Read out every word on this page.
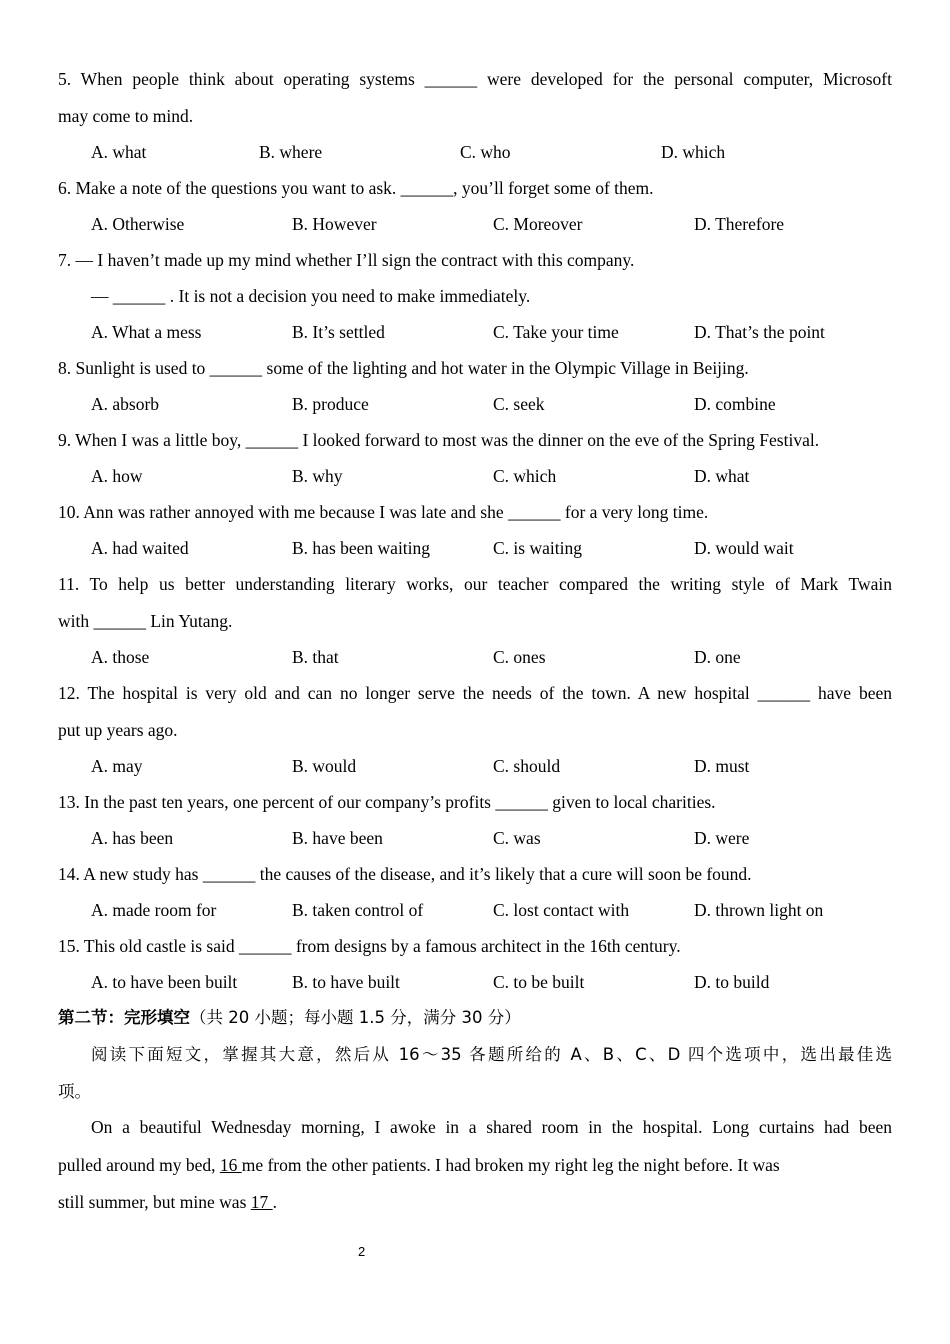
5. When people think about operating systems ______ were developed for the personal computer, Microsoft
may come to mind.
A. what	B. where	C. who	D. which
6. Make a note of the questions you want to ask. ______, you’ll forget some of them.
A. Otherwise	B. However	C. Moreover	D. Therefore
7. — I haven’t made up my mind whether I’ll sign the contract with this company.
— ______ . It is not a decision you need to make immediately.
A. What a mess	B. It’s settled	C. Take your time	D. That’s the point
8. Sunlight is used to ______ some of the lighting and hot water in the Olympic Village in Beijing.
A. absorb	B. produce	C. seek	D. combine
9. When I was a little boy, ______ I looked forward to most was the dinner on the eve of the Spring Festival.
A. how	B. why	C. which	D. what
10. Ann was rather annoyed with me because I was late and she ______ for a very long time.
A. had waited	B. has been waiting	C. is waiting	D. would wait
11. To help us better understanding literary works, our teacher compared the writing style of Mark Twain
with ______ Lin Yutang.
A. those	B. that	C. ones	D. one
12. The hospital is very old and can no longer serve the needs of the town. A new hospital ______ have been
put up years ago.
A. may	B. would	C. should	D. must
13. In the past ten years, one percent of our company’s profits ______ given to local charities.
A. has been	B. have been	C. was	D. were
14. A new study has ______ the causes of the disease, and it’s likely that a cure will soon be found.
A. made room for	B. taken control of	C. lost contact with	D. thrown light on
15. This old castle is said ______ from designs by a famous architect in the 16th century.
A. to have been built	B. to have built	C. to be built	D. to build
第二节：完形填空（共 20 小题；每小题 1.5 分，满分 30 分）
阅读下面短文，掌握其大意，然后从 16～35 各题所给的 A、B、C、D 四个选项中，选出最佳选
项。
On a beautiful Wednesday morning, I awoke in a shared room in the hospital. Long curtains had been
pulled around my bed, 16 me from the other patients. I had broken my right leg the night before. It was
still summer, but mine was 17 .
2
